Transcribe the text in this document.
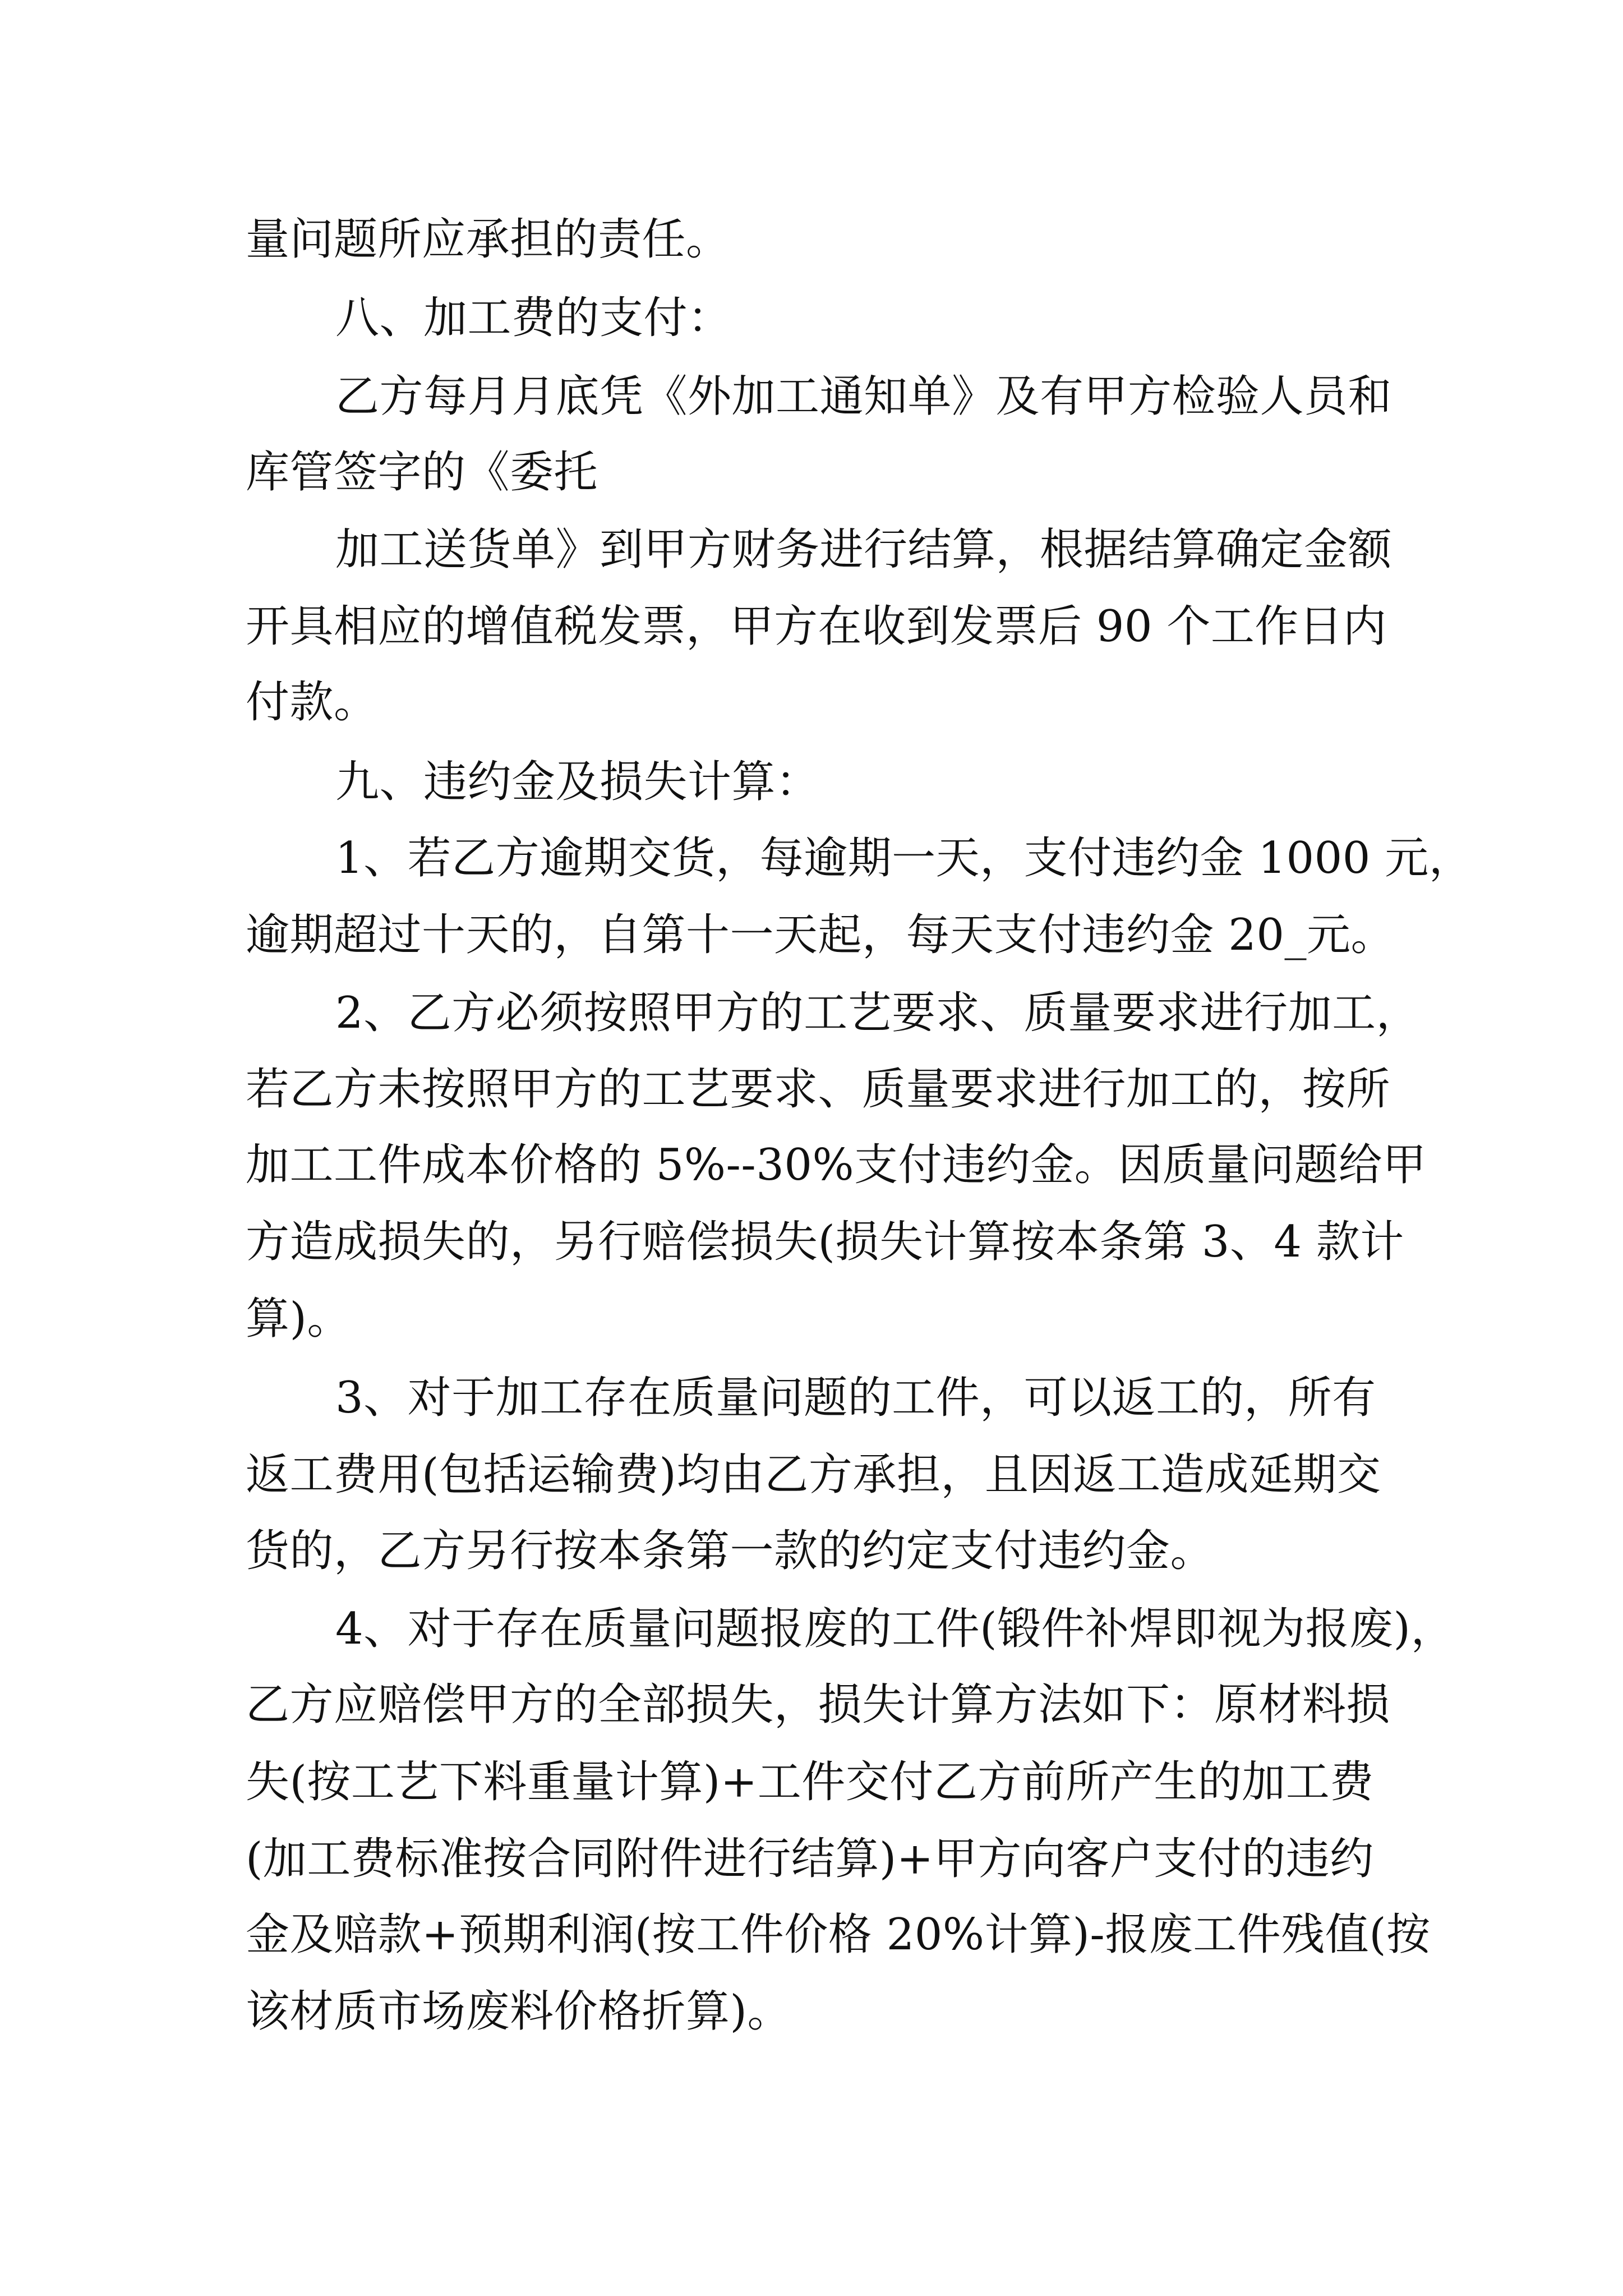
量问题所应承担的责任。
八、加工费的支付：
乙方每月月底凭《外加工通知单》及有甲方检验人员和
库管签字的《委托
加工送货单》到甲方财务进行结算，根据结算确定金额
开具相应的增值税发票，甲方在收到发票后 90 个工作日内
付款。
九、违约金及损失计算：
1、若乙方逾期交货，每逾期一天，支付违约金 1000 元，
逾期超过十天的，自第十一天起，每天支付违约金 20_元。
2、乙方必须按照甲方的工艺要求、质量要求进行加工，
若乙方未按照甲方的工艺要求、质量要求进行加工的，按所
加工工件成本价格的 5%--30%支付违约金。因质量问题给甲
方造成损失的，另行赔偿损失(损失计算按本条第 3、4 款计
算)。
3、对于加工存在质量问题的工件，可以返工的，所有
返工费用(包括运输费)均由乙方承担，且因返工造成延期交
货的，乙方另行按本条第一款的约定支付违约金。
4、对于存在质量问题报废的工件(锻件补焊即视为报废)，
乙方应赔偿甲方的全部损失，损失计算方法如下：原材料损
失(按工艺下料重量计算)+工件交付乙方前所产生的加工费
(加工费标准按合同附件进行结算)+甲方向客户支付的违约
金及赔款+预期利润(按工件价格 20%计算)-报废工件残值(按
该材质市场废料价格折算)。
